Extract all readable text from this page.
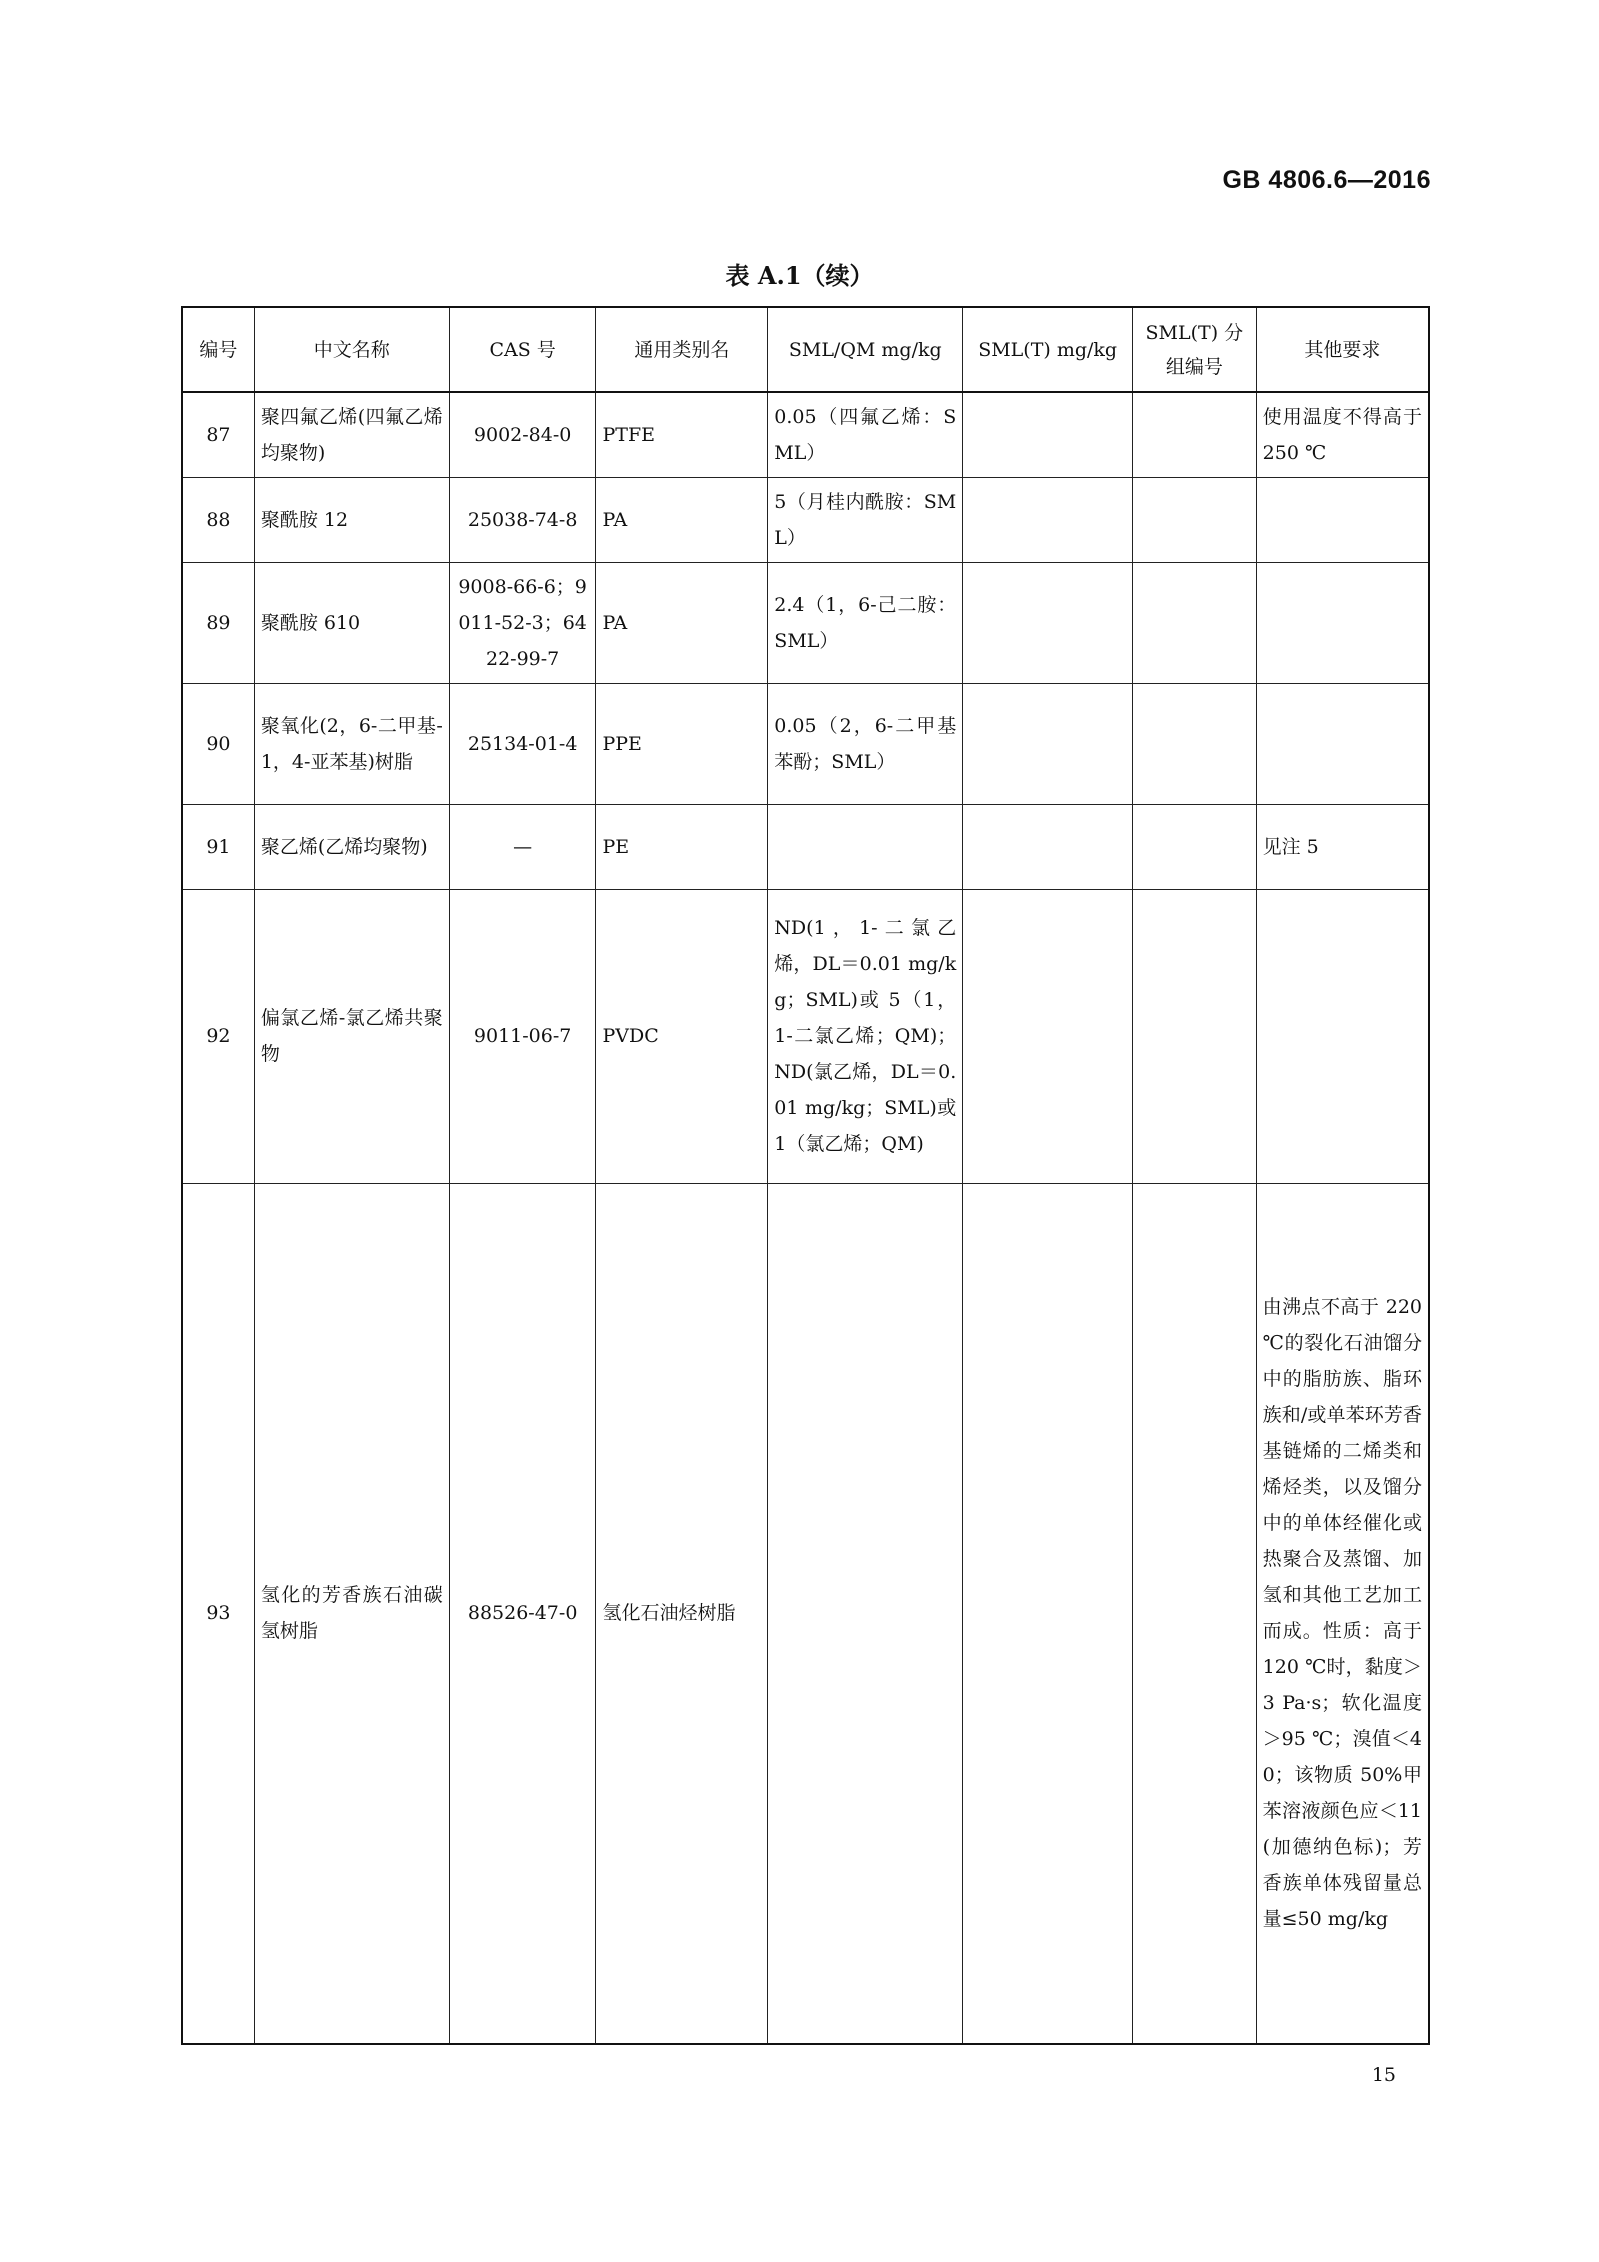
GB 4806.6—2016
表 A.1（续）
编号	中文名称	CAS 号	通用类别名	SML/QM mg/kg	SML(T) mg/kg	SML(T) 分组编号	其他要求
87	聚四氟乙烯(四氟乙烯均聚物)	9002-84-0	PTFE	0.05（四氟乙烯：SML）			使用温度不得高于 250 ℃
88	聚酰胺 12	25038-74-8	PA	5（月桂内酰胺：SML）			
89	聚酰胺 610	9008-66-6；9011-52-3；6422-99-7	PA	2.4（1，6-己二胺：SML）			
90	聚氧化(2，6-二甲基-1，4-亚苯基)树脂	25134-01-4	PPE	0.05（2，6-二甲基苯酚；SML）			
91	聚乙烯(乙烯均聚物)	—	PE				见注 5
92	偏氯乙烯-氯乙烯共聚物	9011-06-7	PVDC	ND(1，1-二氯乙烯，DL＝0.01 mg/kg；SML)或 5（1，1-二氯乙烯；QM)；ND(氯乙烯，DL＝0.01 mg/kg；SML)或 1（氯乙烯；QM)			
93	氢化的芳香族石油碳氢树脂	88526-47-0	氢化石油烃树脂				由沸点不高于 220 ℃的裂化石油馏分中的脂肪族、脂环族和/或单苯环芳香基链烯的二烯类和烯烃类，以及馏分中的单体经催化或热聚合及蒸馏、加氢和其他工艺加工而成。性质：高于 120 ℃时，黏度＞3 Pa·s；软化温度＞95 ℃；溴值＜40；该物质 50%甲苯溶液颜色应＜11(加德纳色标)；芳香族单体残留量总量≤50 mg/kg
15
